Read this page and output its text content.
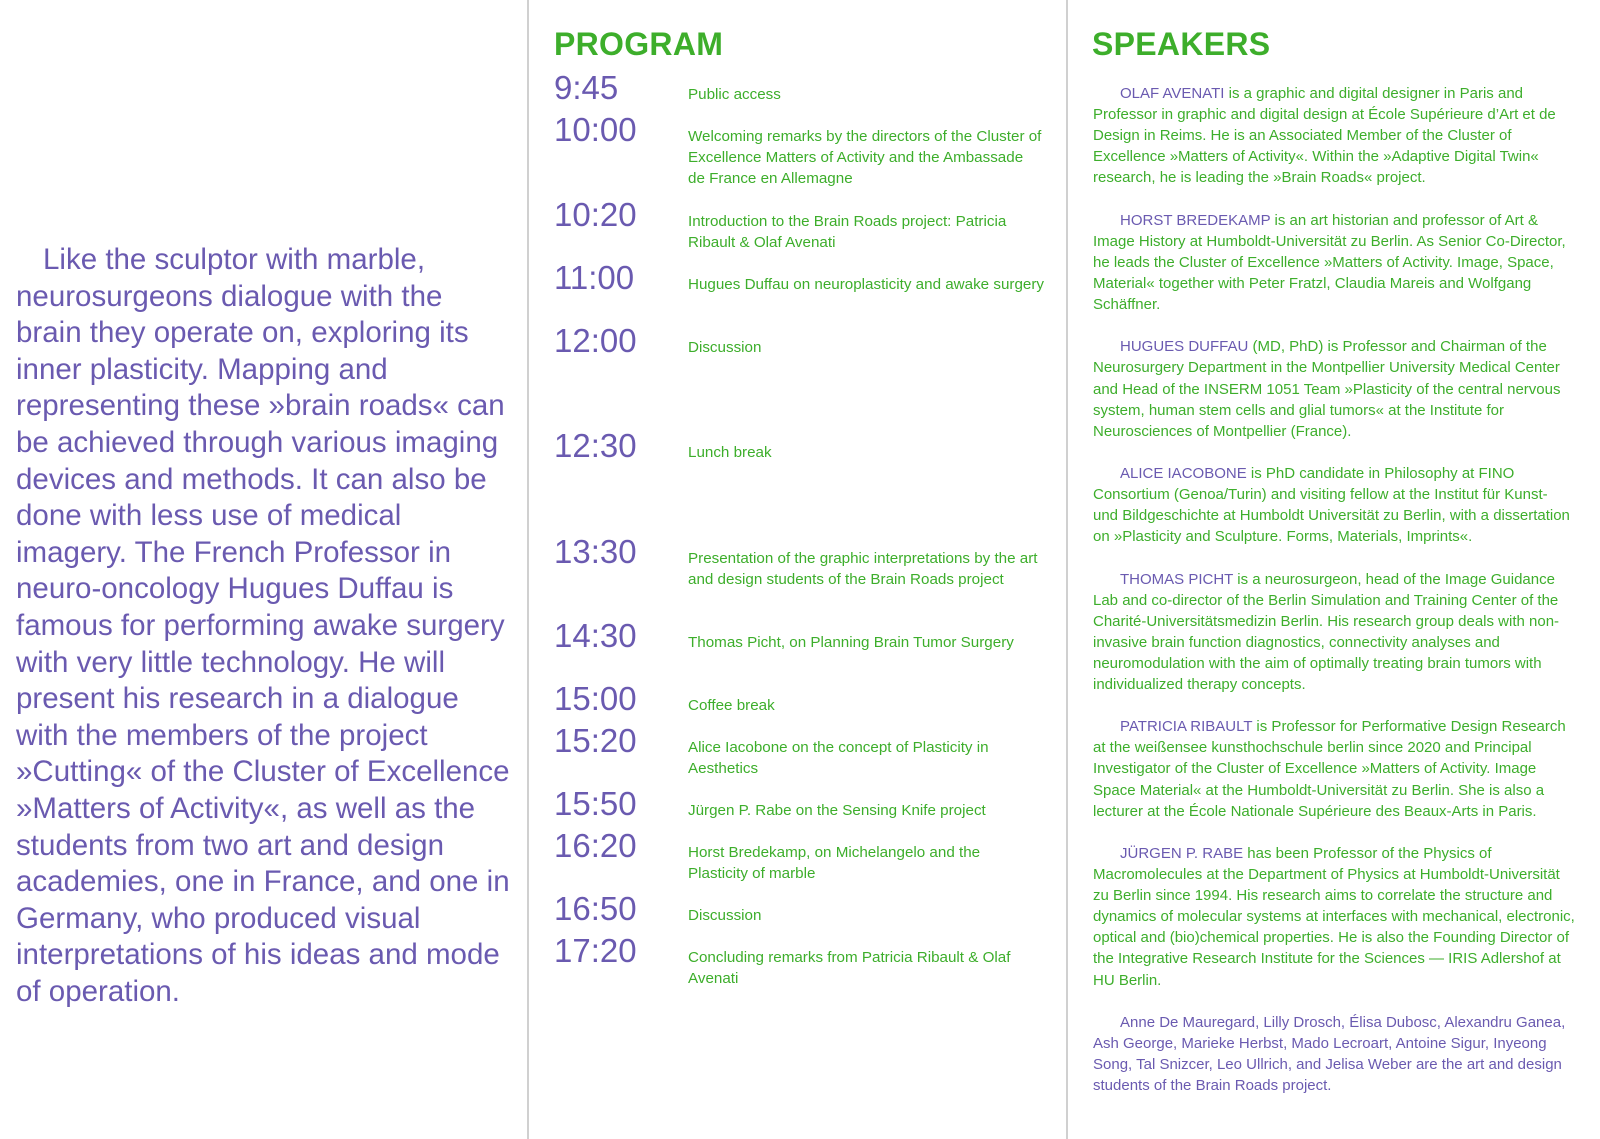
Like the sculptor with marble, neurosurgeons dialogue with the brain they operate on, exploring its inner plasticity. Mapping and representing these »brain roads« can be achieved through various imaging devices and methods. It can also be done with less use of medical imagery. The French Professor in neuro-oncology Hugues Duffau is famous for performing awake surgery with very little technology. He will present his research in a dialogue with the members of the project »Cutting« of the Cluster of Excellence »Matters of Activity«, as well as the students from two art and design academies, one in France, and one in Germany, who produced visual interpretations of his ideas and mode of operation.

PROGRAM
9:45	Public access
10:00	Welcoming remarks by the directors of the Cluster of Excellence Matters of Activity and the Ambassade de France en Allemagne
10:20	Introduction to the Brain Roads project: Patricia Ribault & Olaf Avenati
11:00	Hugues Duffau on neuroplasticity and awake surgery
12:00	Discussion
12:30	Lunch break
13:30	Presentation of the graphic interpretations by the art and design students of the Brain Roads project
14:30	Thomas Picht, on Planning Brain Tumor Surgery
15:00	Coffee break
15:20	Alice Iacobone on the concept of Plasticity in Aesthetics
15:50	Jürgen P. Rabe on the Sensing Knife project
16:20	Horst Bredekamp, on Michelangelo and the Plasticity of marble
16:50	Discussion
17:20	Concluding remarks from Patricia Ribault & Olaf Avenati
SPEAKERS

OLAF AVENATI is a graphic and digital designer in Paris and Professor in graphic and digital design at École Supérieure d’Art et de Design in Reims. He is an Associated Member of the Cluster of Excellence »Matters of Activity«. Within the »Adaptive Digital Twin« research, he is leading the »Brain Roads« project.

HORST BREDEKAMP is an art historian and professor of Art & Image History at Humboldt-Universität zu Berlin. As Senior Co-Director, he leads the Cluster of Excellence »Matters of Activity. Image, Space, Material« together with Peter Fratzl, Claudia Mareis and Wolfgang Schäffner.

HUGUES DUFFAU (MD, PhD) is Professor and Chairman of the Neurosurgery Department in the Montpellier University Medical Center and Head of the INSERM 1051 Team »Plasticity of the central nervous system, human stem cells and glial tumors« at the Institute for Neurosciences of Montpellier (France).

ALICE IACOBONE is PhD candidate in Philosophy at FINO Consortium (Genoa/Turin) and visiting fellow at the Institut für Kunst- und Bildgeschichte at Humboldt Universität zu Berlin, with a dissertation on »Plasticity and Sculpture. Forms, Materials, Imprints«.

THOMAS PICHT is a neurosurgeon, head of the Image Guidance Lab and co-director of the Berlin Simulation and Training Center of the Charité-Universitätsmedizin Berlin. His research group deals with non-invasive brain function diagnostics, connectivity analyses and neuromodulation with the aim of optimally treating brain tumors with individualized therapy concepts.

PATRICIA RIBAULT is Professor for Performative Design Research at the weißensee kunsthochschule berlin since 2020 and Principal Investigator of the Cluster of Excellence »Matters of Activity. Image Space Material« at the Humboldt-Universität zu Berlin. She is also a lecturer at the École Nationale Supérieure des Beaux-Arts in Paris.

JÜRGEN P. RABE has been Professor of the Physics of Macromolecules at the Department of Physics at Humboldt-Universität zu Berlin since 1994. His research aims to correlate the structure and dynamics of molecular systems at interfaces with mechanical, electronic, optical and (bio)chemical properties. He is also the Founding Director of the Integrative Research Institute for the Sciences — IRIS Adlershof at HU Berlin.

Anne De Mauregard, Lilly Drosch, Élisa Dubosc, Alexandru Ganea, Ash George, Marieke Herbst, Mado Lecroart, Antoine Sigur, Inyeong Song, Tal Snizcer, Leo Ullrich, and Jelisa Weber are the art and design students of the Brain Roads project.
